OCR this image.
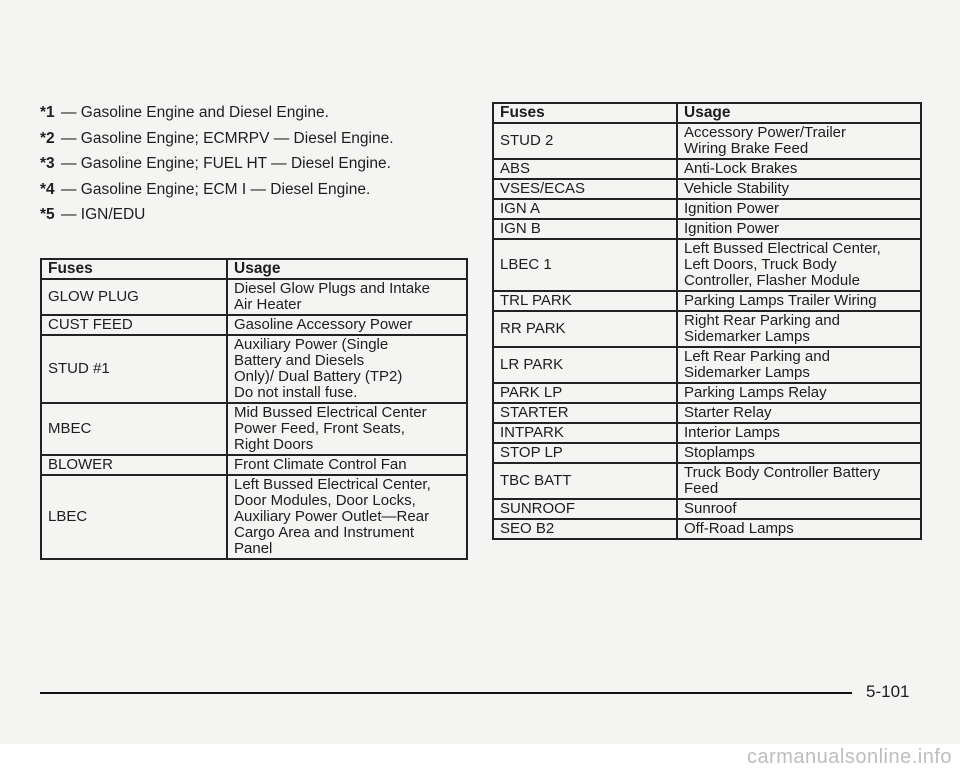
*1 — Gasoline Engine and Diesel Engine.
*2 — Gasoline Engine; ECMRPV — Diesel Engine.
*3 — Gasoline Engine; FUEL HT — Diesel Engine.
*4 — Gasoline Engine; ECM I — Diesel Engine.
*5 — IGN/EDU
Fuses	Usage
GLOW PLUG	Diesel Glow Plugs and Intake
Air Heater
CUST FEED	Gasoline Accessory Power
STUD #1	Auxiliary Power (Single
Battery and Diesels
Only)/ Dual Battery (TP2)
Do not install fuse.
MBEC	Mid Bussed Electrical Center
Power Feed, Front Seats,
Right Doors
BLOWER	Front Climate Control Fan
LBEC	Left Bussed Electrical Center,
Door Modules, Door Locks,
Auxiliary Power Outlet—Rear
Cargo Area and Instrument
Panel
Fuses	Usage
STUD 2	Accessory Power/Trailer
Wiring Brake Feed
ABS	Anti-Lock Brakes
VSES/ECAS	Vehicle Stability
IGN A	Ignition Power
IGN B	Ignition Power
LBEC 1	Left Bussed Electrical Center,
Left Doors, Truck Body
Controller, Flasher Module
TRL PARK	Parking Lamps Trailer Wiring
RR PARK	Right Rear Parking and
Sidemarker Lamps
LR PARK	Left Rear Parking and
Sidemarker Lamps
PARK LP	Parking Lamps Relay
STARTER	Starter Relay
INTPARK	Interior Lamps
STOP LP	Stoplamps
TBC BATT	Truck Body Controller Battery
Feed
SUNROOF	Sunroof
SEO B2	Off-Road Lamps
5-101
carmanualsonline.info
